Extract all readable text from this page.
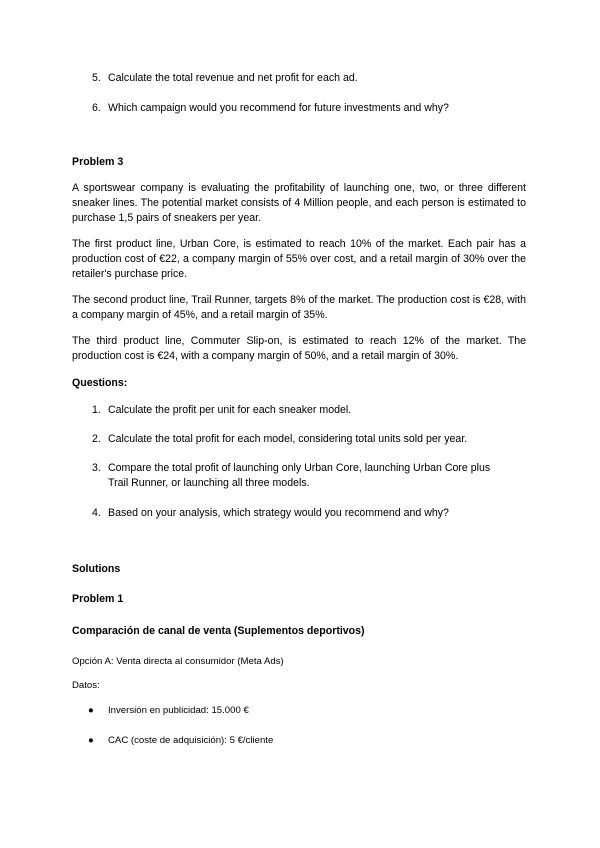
5. Calculate the total revenue and net profit for each ad.
6. Which campaign would you recommend for future investments and why?
Problem 3
A sportswear company is evaluating the profitability of launching one, two, or three different sneaker lines. The potential market consists of 4 Million people, and each person is estimated to purchase 1,5 pairs of sneakers per year.
The first product line, Urban Core, is estimated to reach 10% of the market. Each pair has a production cost of €22, a company margin of 55% over cost, and a retail margin of 30% over the retailer's purchase price.
The second product line, Trail Runner, targets 8% of the market. The production cost is €28, with a company margin of 45%, and a retail margin of 35%.
The third product line, Commuter Slip-on, is estimated to reach 12% of the market. The production cost is €24, with a company margin of 50%, and a retail margin of 30%.
Questions:
1. Calculate the profit per unit for each sneaker model.
2. Calculate the total profit for each model, considering total units sold per year.
3. Compare the total profit of launching only Urban Core, launching Urban Core plus Trail Runner, or launching all three models.
4. Based on your analysis, which strategy would you recommend and why?
Solutions
Problem 1
Comparación de canal de venta (Suplementos deportivos)
Opción A: Venta directa al consumidor (Meta Ads)
Datos:
● Inversión en publicidad: 15.000 €
● CAC (coste de adquisición): 5 €/cliente
